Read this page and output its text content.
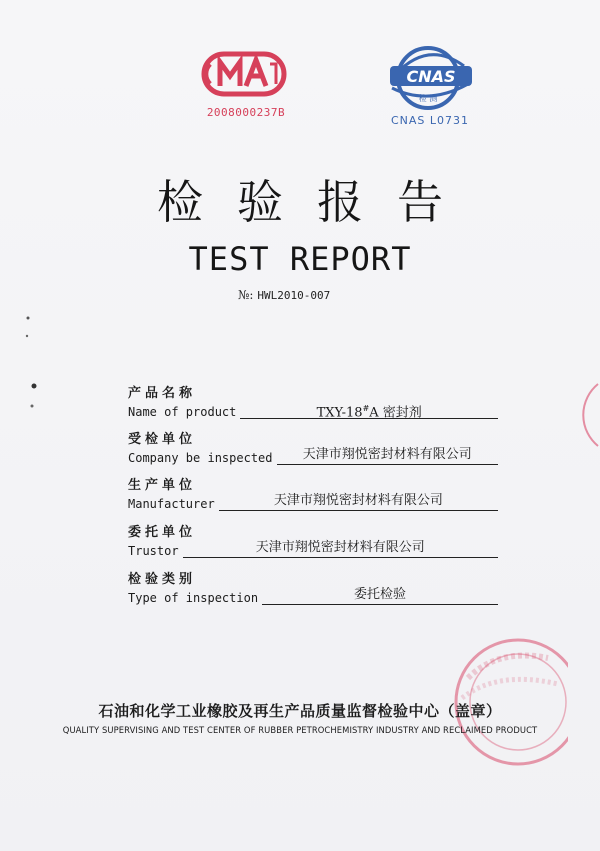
2008000237B
CNAS
检 测
CNAS L0731
检验报告
TEST REPORT
№: HWL2010-007
产品名称
Name of product	TXY-18#A 密封剂
受检单位
Company be inspected	天津市翔悦密封材料有限公司
生产单位
Manufacturer	天津市翔悦密封材料有限公司
委托单位
Trustor	天津市翔悦密封材料有限公司
检验类别
Type of inspection	委托检验
石油和化学工业橡胶及再生产品质量监督检验中心（盖章）
QUALITY SUPERVISING AND TEST CENTER OF RUBBER PETROCHEMISTRY INDUSTRY AND RECLAIMED PRODUCT
